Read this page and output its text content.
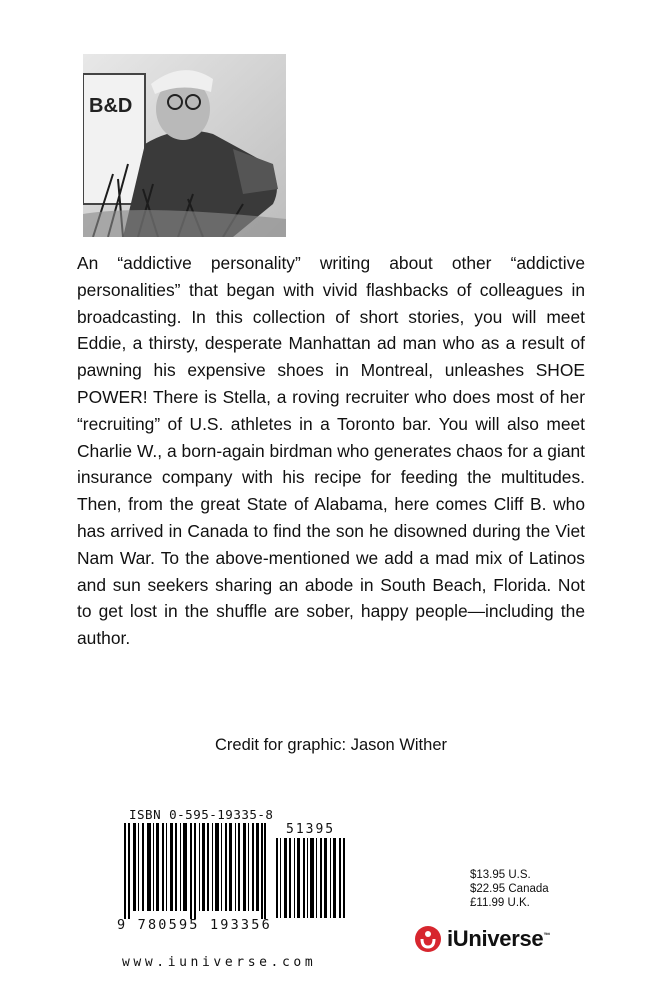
B&D

An “addictive personality” writing about other “addictive personalities” that began with vivid flashbacks of colleagues in broadcasting. In this collection of short stories, you will meet Eddie, a thirsty, desperate Manhattan ad man who as a result of pawning his expensive shoes in Montreal, unleashes SHOE POWER! There is Stella, a roving recruiter who does most of her “recruiting” of U.S. athletes in a Toronto bar. You will also meet Charlie W., a born-again birdman who generates chaos for a giant insurance company with his recipe for feeding the multitudes. Then, from the great State of Alabama, here comes Cliff B. who has arrived in Canada to find the son he disowned during the Viet Nam War. To the above-mentioned we add a mad mix of Latinos and sun seekers sharing an abode in South Beach, Florida. Not to get lost in the shuffle are sober, happy people—including the author.

Credit for graphic: Jason Wither
ISBN 0-595-19335-8
51395
9 780595 193356
$13.95 U.S.
$22.95 Canada
£11.99 U.K.
iUniverse™
www.iuniverse.com
